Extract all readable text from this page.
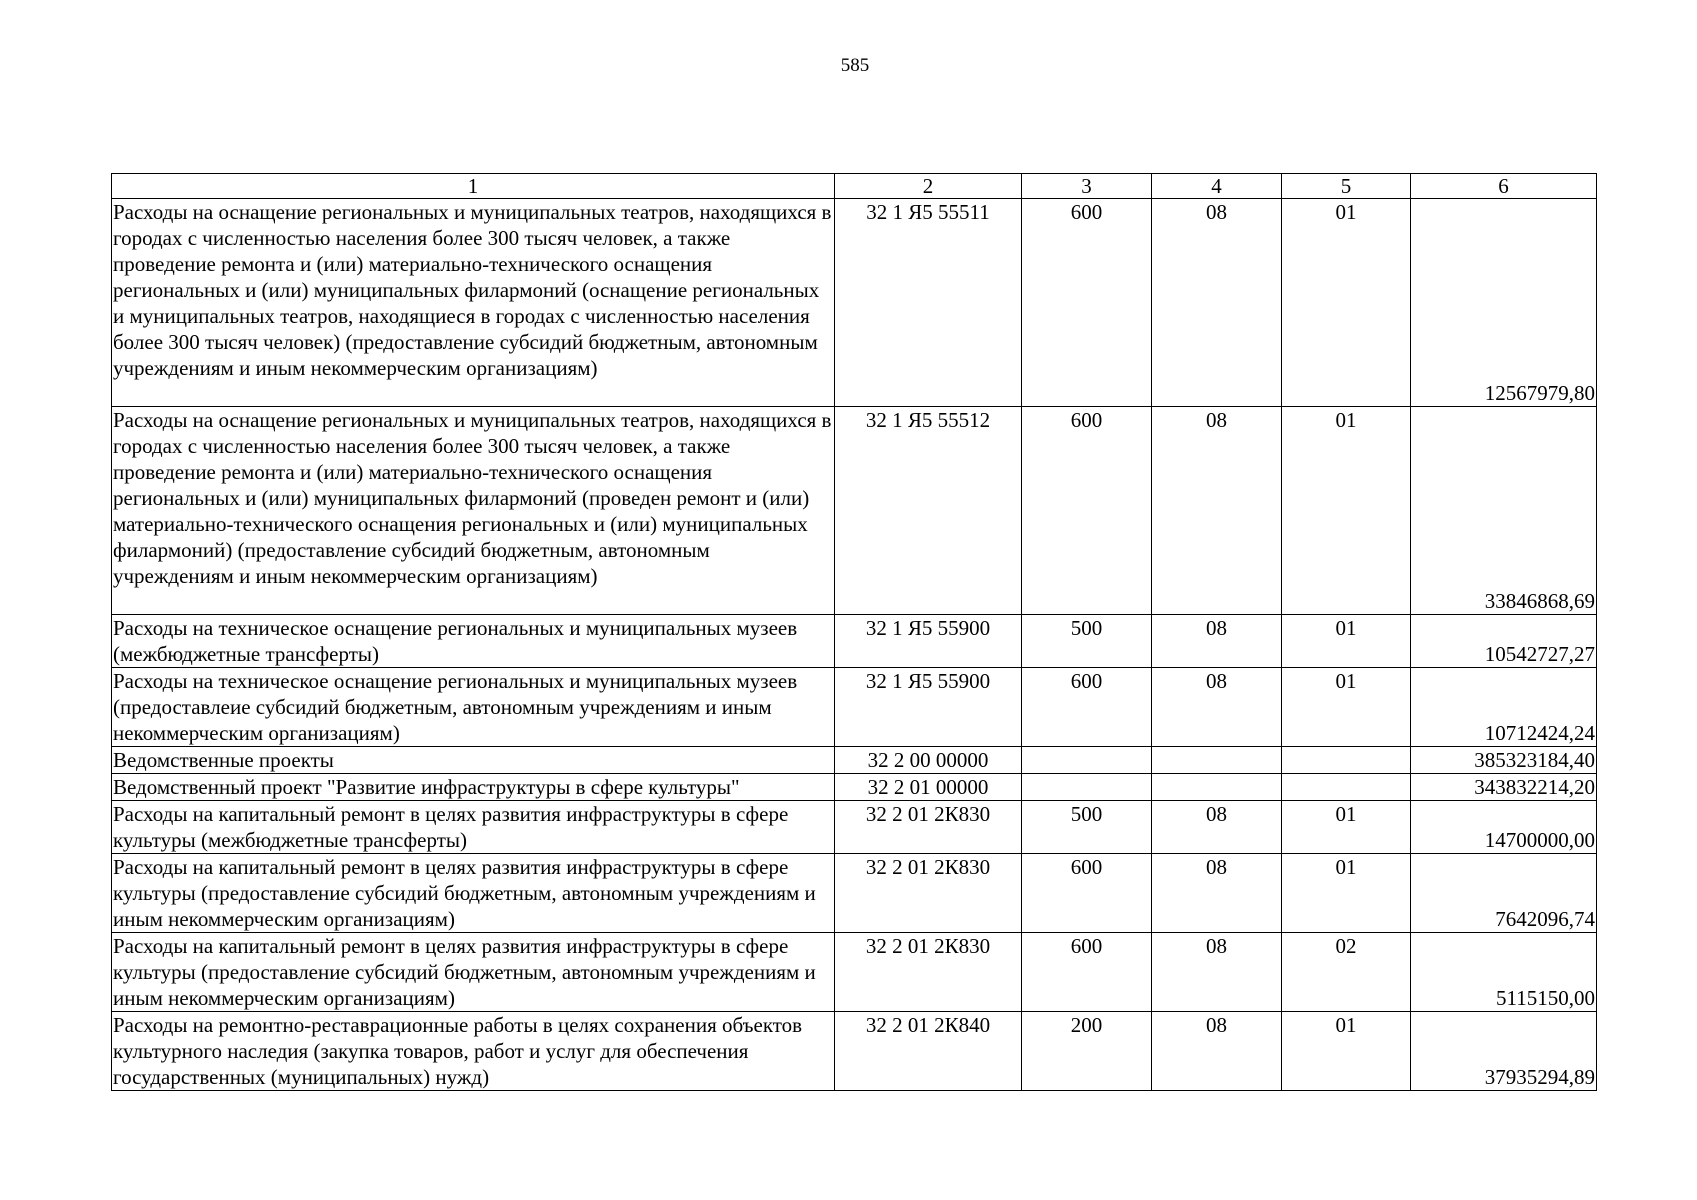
585
1	2	3	4	5	6
Расходы на оснащение региональных и муниципальных театров, находящихся в городах с численностью населения более 300 тысяч человек, а также проведение ремонта и (или) материально-технического оснащения региональных и (или) муниципальных филармоний (оснащение региональных и муниципальных театров, находящиеся в городах с численностью населения более 300 тысяч человек) (предоставление субсидий бюджетным, автономным учреждениям и иным некоммерческим организациям)	32 1 Я5 55511	600	08	01	12567979,80
Расходы на оснащение региональных и муниципальных театров, находящихся в городах с численностью населения более 300 тысяч человек, а также проведение ремонта и (или) материально-технического оснащения региональных и (или) муниципальных филармоний (проведен ремонт и (или) материально-технического оснащения региональных и (или) муниципальных филармоний) (предоставление субсидий бюджетным, автономным учреждениям и иным некоммерческим организациям)	32 1 Я5 55512	600	08	01	33846868,69
Расходы на техническое оснащение региональных и муниципальных музеев (межбюджетные трансферты)	32 1 Я5 55900	500	08	01	10542727,27
Расходы на техническое оснащение региональных и муниципальных музеев (предоставлеие субсидий бюджетным, автономным учреждениям и иным некоммерческим организациям)	32 1 Я5 55900	600	08	01	10712424,24
Ведомственные проекты	32 2 00 00000				385323184,40
Ведомственный проект "Развитие инфраструктуры в сфере культуры"	32 2 01 00000				343832214,20
Расходы на капитальный ремонт в целях развития инфраструктуры в сфере культуры (межбюджетные трансферты)	32 2 01 2К830	500	08	01	14700000,00
Расходы на капитальный ремонт в целях развития инфраструктуры в сфере культуры (предоставление субсидий бюджетным, автономным учреждениям и иным некоммерческим организациям)	32 2 01 2К830	600	08	01	7642096,74
Расходы на капитальный ремонт в целях развития инфраструктуры в сфере культуры (предоставление субсидий бюджетным, автономным учреждениям и иным некоммерческим организациям)	32 2 01 2К830	600	08	02	5115150,00
Расходы на ремонтно-реставрационные работы в целях сохранения объектов культурного наследия (закупка товаров, работ и услуг для обеспечения государственных (муниципальных) нужд)	32 2 01 2К840	200	08	01	37935294,89
